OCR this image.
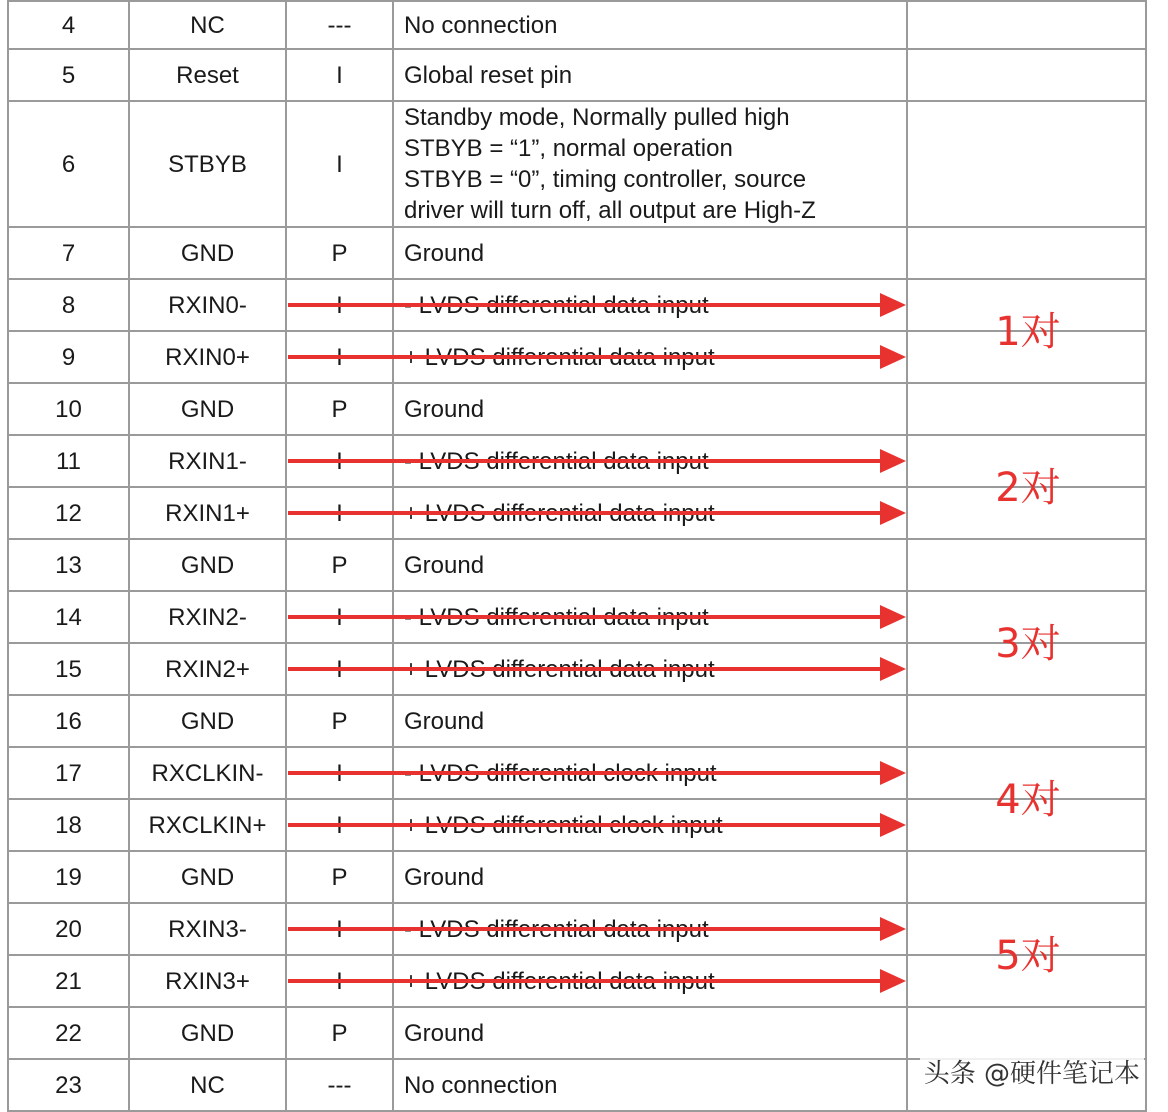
4	NC	---	No connection	

5	Reset	I	Global reset pin	

6	STBYB	I	Standby mode, Normally pulled high
STBYB = “1”, normal operation
STBYB = “0”, timing controller, source
driver will turn off, all output are High-Z	

7	GND	P	Ground	

8	RXIN0-	I	- LVDS differential data input	

9	RXIN0+	I	+ LVDS differential data input	

10	GND	P	Ground	

11	RXIN1-	I	- LVDS differential data input	

12	RXIN1+	I	+ LVDS differential data input	

13	GND	P	Ground	

14	RXIN2-	I	- LVDS differential data input	

15	RXIN2+	I	+ LVDS differential data input	

16	GND	P	Ground	

17	RXCLKIN-	I	- LVDS differential clock input	

18	RXCLKIN+	I	+ LVDS differential clock input	

19	GND	P	Ground	

20	RXIN3-	I	- LVDS differential data input	

21	RXIN3+	I	+ LVDS differential data input	

22	GND	P	Ground	

23	NC	---	No connection	

1对
2对
3对
4对
5对
头条 @硬件笔记本
